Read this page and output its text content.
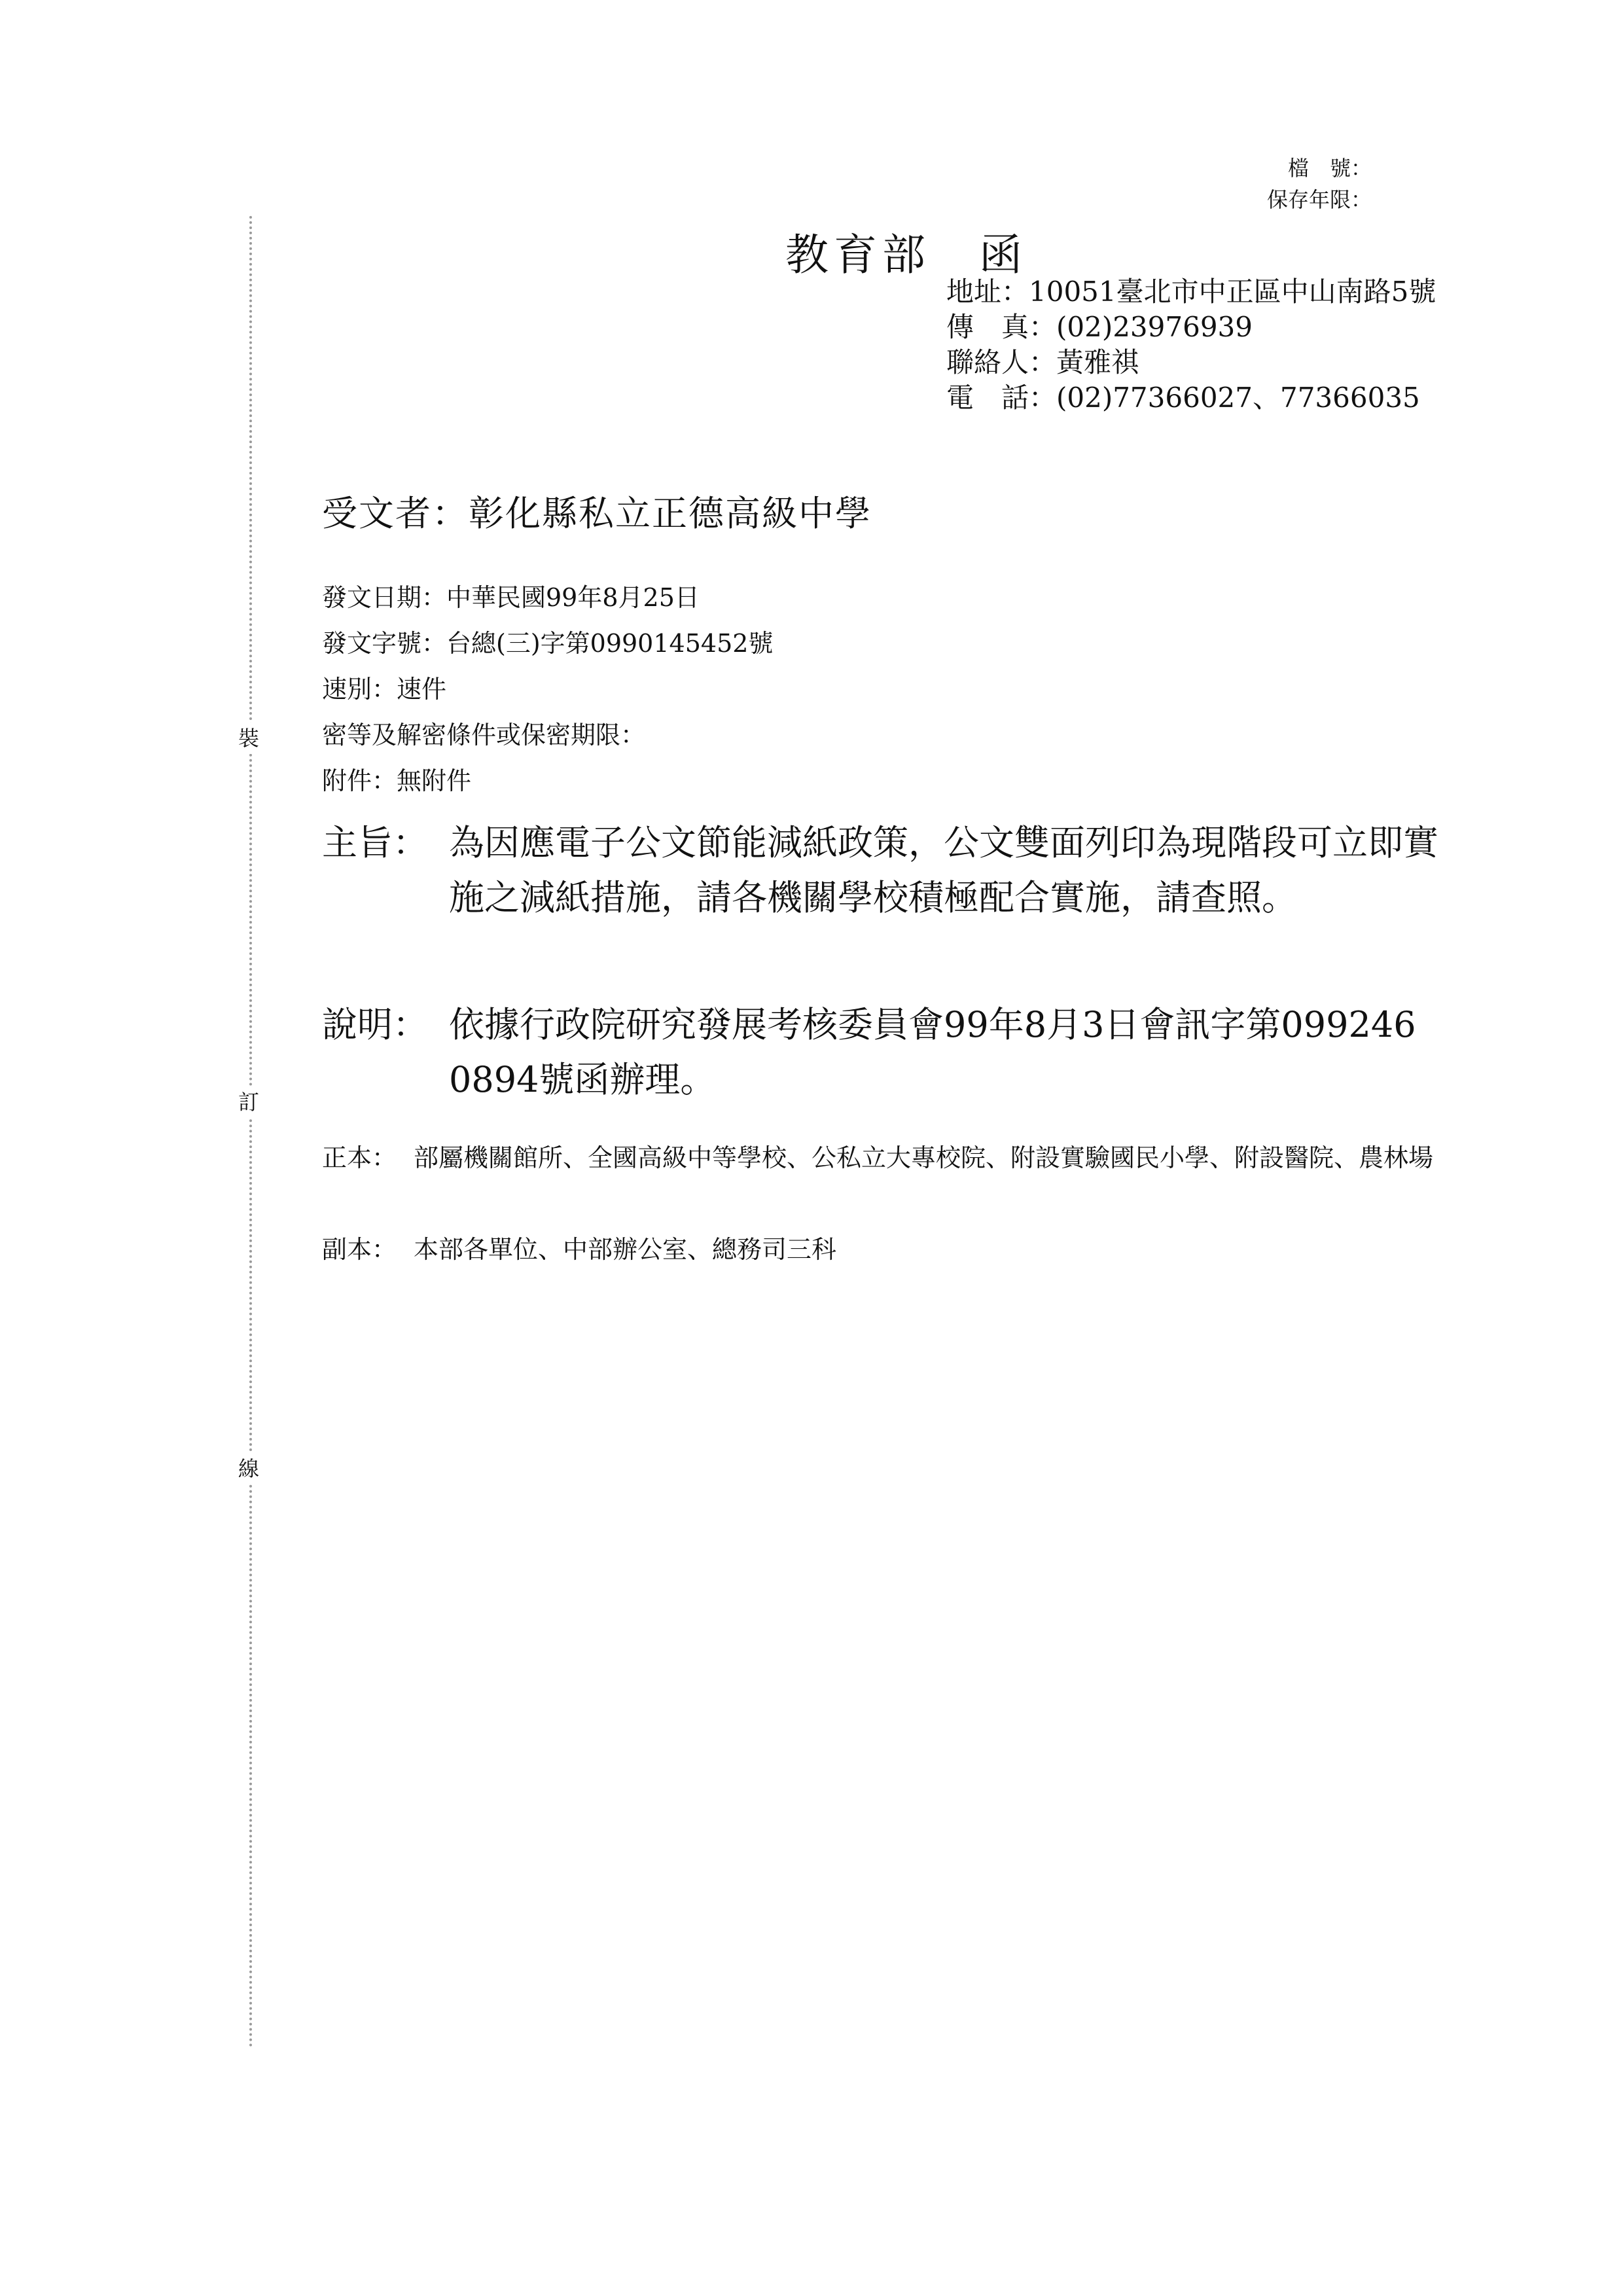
裝
訂
線
檔　號：
保存年限：
教育部　函
地址：10051臺北市中正區中山南路5號
傳　真：(02)23976939
聯絡人：黃雅祺
電　話：(02)77366027、77366035
受文者：彰化縣私立正德高級中學
發文日期：中華民國99年8月25日
發文字號：台總(三)字第0990145452號
速別：速件
密等及解密條件或保密期限：
附件：無附件
主旨： 為因應電子公文節能減紙政策，公文雙面列印為現階段可立即實施之減紙措施，請各機關學校積極配合實施，請查照。
說明： 依據行政院研究發展考核委員會99年8月3日會訊字第0992460894號函辦理。
正本： 部屬機關館所、全國高級中等學校、公私立大專校院、附設實驗國民小學、附設醫院、農林場
副本： 本部各單位、中部辦公室、總務司三科
